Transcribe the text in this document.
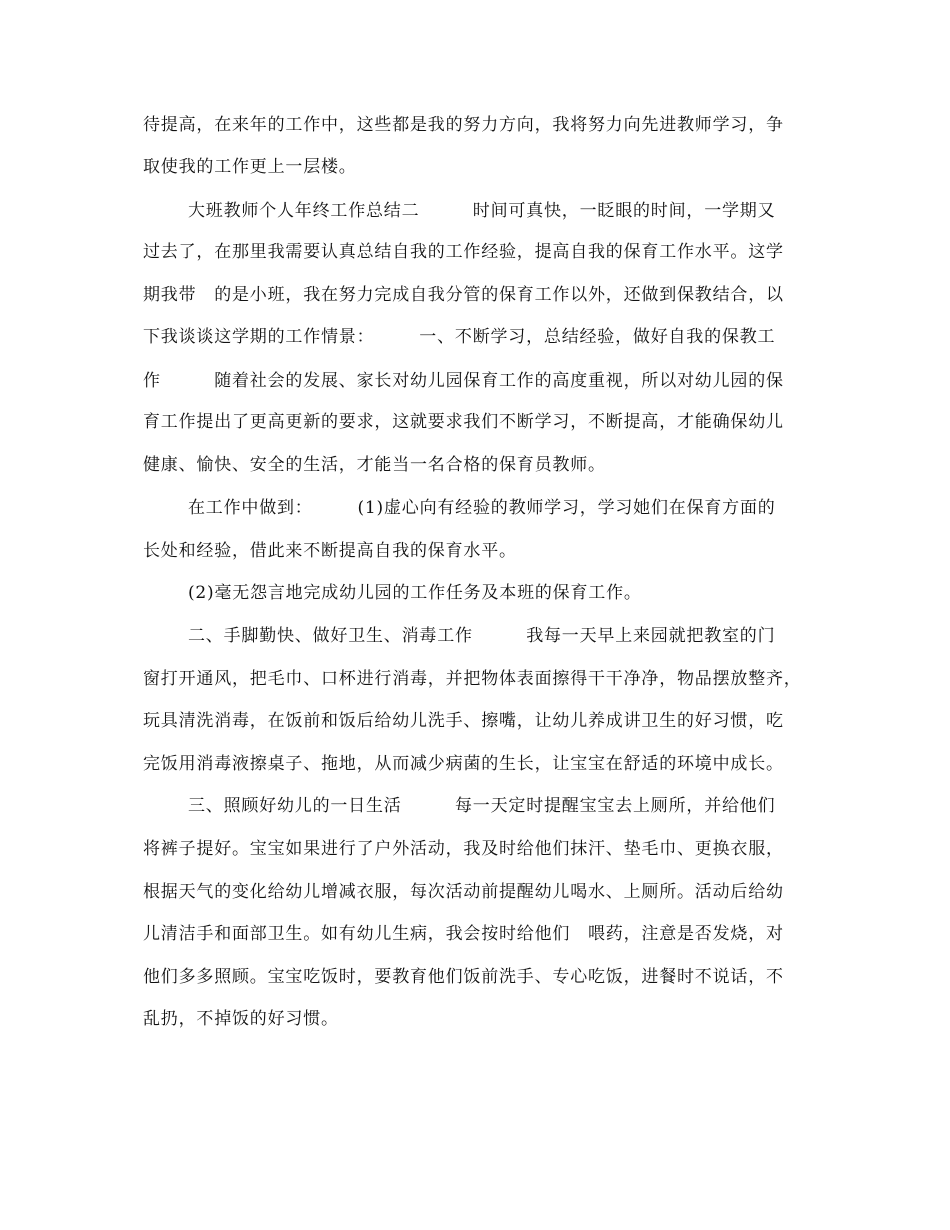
待提高，在来年的工作中，这些都是我的努力方向，我将努力向先进教师学习，争
取使我的工作更上一层楼。
大班教师个人年终工作总结二　　　时间可真快，一眨眼的时间，一学期又
过去了，在那里我需要认真总结自我的工作经验，提高自我的保育工作水平。这学
期我带　的是小班，我在努力完成自我分管的保育工作以外，还做到保教结合，以
下我谈谈这学期的工作情景：　　　一、不断学习，总结经验，做好自我的保教工
作　　　随着社会的发展、家长对幼儿园保育工作的高度重视，所以对幼儿园的保
育工作提出了更高更新的要求，这就要求我们不断学习，不断提高，才能确保幼儿
健康、愉快、安全的生活，才能当一名合格的保育员教师。
在工作中做到：　　　(1)虚心向有经验的教师学习，学习她们在保育方面的
长处和经验，借此来不断提高自我的保育水平。
(2)毫无怨言地完成幼儿园的工作任务及本班的保育工作。
二、手脚勤快、做好卫生、消毒工作　　　我每一天早上来园就把教室的门
窗打开通风，把毛巾、口杯进行消毒，并把物体表面擦得干干净净，物品摆放整齐，
玩具清洗消毒，在饭前和饭后给幼儿洗手、擦嘴，让幼儿养成讲卫生的好习惯，吃
完饭用消毒液擦桌子、拖地，从而减少病菌的生长，让宝宝在舒适的环境中成长。
三、照顾好幼儿的一日生活　　　每一天定时提醒宝宝去上厕所，并给他们
将裤子提好。宝宝如果进行了户外活动，我及时给他们抹汗、垫毛巾、更换衣服，
根据天气的变化给幼儿增减衣服，每次活动前提醒幼儿喝水、上厕所。活动后给幼
儿清洁手和面部卫生。如有幼儿生病，我会按时给他们　喂药，注意是否发烧，对
他们多多照顾。宝宝吃饭时，要教育他们饭前洗手、专心吃饭，进餐时不说话，不
乱扔，不掉饭的好习惯。
